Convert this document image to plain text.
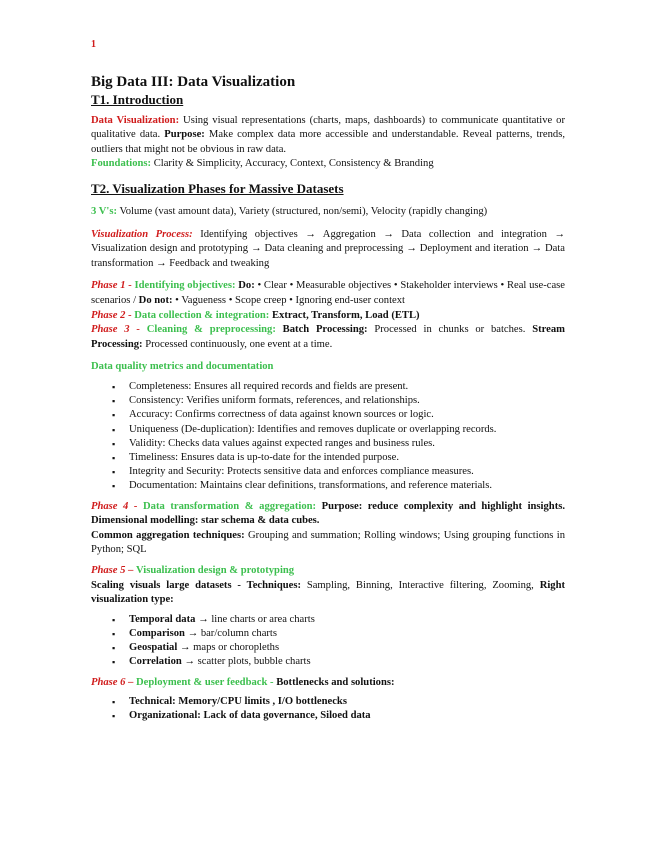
1
Big Data III: Data Visualization
T1. Introduction

Data Visualization: Using visual representations (charts, maps, dashboards) to communicate quantitative or qualitative data. Purpose: Make complex data more accessible and understandable. Reveal patterns, trends, outliers that might not be obvious in raw data.

Foundations: Clarity & Simplicity, Accuracy, Context, Consistency & Branding

T2. Visualization Phases for Massive Datasets

3 V's: Volume (vast amount data), Variety (structured, non/semi), Velocity (rapidly changing)

Visualization Process: Identifying objectives → Aggregation → Data collection and integration → Visualization design and prototyping → Data cleaning and preprocessing → Deployment and iteration → Data transformation → Feedback and tweaking

Phase 1 - Identifying objectives: Do: • Clear • Measurable objectives • Stakeholder interviews • Real use-case scenarios / Do not: • Vagueness • Scope creep • Ignoring end-user context

Phase 2 - Data collection & integration: Extract, Transform, Load (ETL)

Phase 3 - Cleaning & preprocessing: Batch Processing: Processed in chunks or batches. Stream Processing: Processed continuously, one event at a time.

Data quality metrics and documentation

▪ Completeness: Ensures all required records and fields are present.
▪ Consistency: Verifies uniform formats, references, and relationships.
▪ Accuracy: Confirms correctness of data against known sources or logic.
▪ Uniqueness (De-duplication): Identifies and removes duplicate or overlapping records.
▪ Validity: Checks data values against expected ranges and business rules.
▪ Timeliness: Ensures data is up-to-date for the intended purpose.
▪ Integrity and Security: Protects sensitive data and enforces compliance measures.
▪ Documentation: Maintains clear definitions, transformations, and reference materials.

Phase 4 - Data transformation & aggregation: Purpose: reduce complexity and highlight insights. Dimensional modelling: star schema & data cubes.

Common aggregation techniques: Grouping and summation; Rolling windows; Using grouping functions in Python; SQL

Phase 5 – Visualization design & prototyping

Scaling visuals large datasets - Techniques: Sampling, Binning, Interactive filtering, Zooming, Right visualization type:

▪ Temporal data → line charts or area charts
▪ Comparison → bar/column charts
▪ Geospatial → maps or choropleths
▪ Correlation → scatter plots, bubble charts

Phase 6 – Deployment & user feedback - Bottlenecks and solutions:

▪ Technical: Memory/CPU limits , I/O bottlenecks
▪ Organizational: Lack of data governance, Siloed data
